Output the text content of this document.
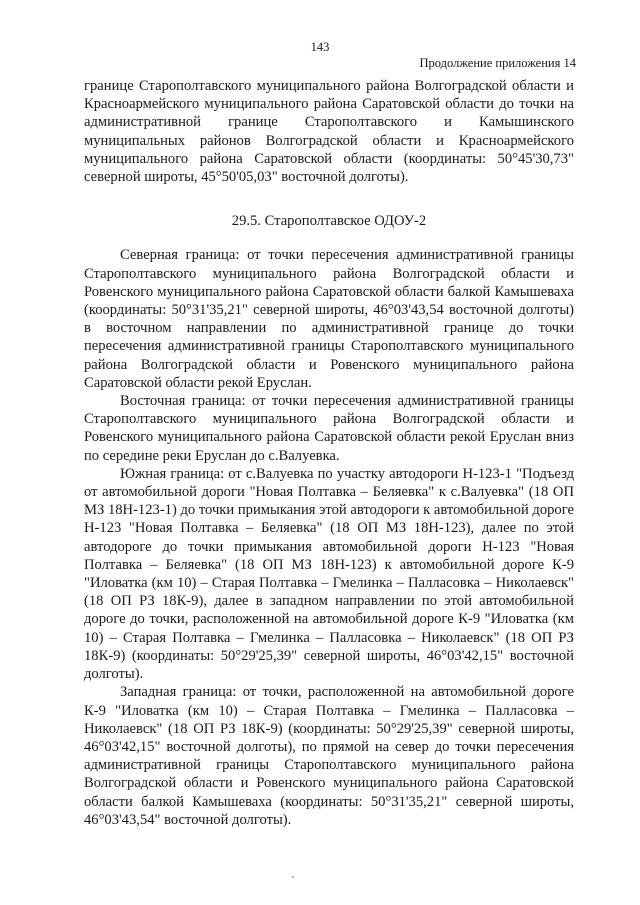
143
Продолжение приложения 14

границе Старополтавского муниципального района Волгоградской области и Красноармейского муниципального района Саратовской области до точки на административной границе Старополтавского и Камышинского муниципальных районов Волгоградской области и Красноармейского муниципального района Саратовской области (координаты: 50°45'30,73" северной широты, 45°50'05,03" восточной долготы).

29.5. Старополтавское ОДОУ-2

Северная граница: от точки пересечения административной границы Старополтавского муниципального района Волгоградской области и Ровенского муниципального района Саратовской области балкой Камышеваха (координаты: 50°31'35,21" северной широты, 46°03'43,54 восточной долготы) в восточном направлении по административной границе до точки пересечения административной границы Старополтавского муниципального района Волгоградской области и Ровенского муниципального района Саратовской области рекой Еруслан.

Восточная граница: от точки пересечения административной границы Старополтавского муниципального района Волгоградской области и Ровенского муниципального района Саратовской области рекой Еруслан вниз по середине реки Еруслан до с.Валуевка.

Южная граница: от с.Валуевка по участку автодороги Н-123-1 "Подъезд от автомобильной дороги "Новая Полтавка – Беляевка" к с.Валуевка" (18 ОП МЗ 18Н-123-1) до точки примыкания этой автодороги к автомобильной дороге Н-123 "Новая Полтавка – Беляевка" (18 ОП МЗ 18Н-123), далее по этой автодороге до точки примыкания автомобильной дороги Н-123 "Новая Полтавка – Беляевка" (18 ОП МЗ 18Н-123) к автомобильной дороге К-9 "Иловатка (км 10) – Старая Полтавка – Гмелинка – Палласовка – Николаевск" (18 ОП РЗ 18К-9), далее в западном направлении по этой автомобильной дороге до точки, расположенной на автомобильной дороге К-9 "Иловатка (км 10) – Старая Полтавка – Гмелинка – Палласовка – Николаевск" (18 ОП РЗ 18К-9) (координаты: 50°29'25,39" северной широты, 46°03'42,15" восточной долготы).

Западная граница: от точки, расположенной на автомобильной дороге К-9 "Иловатка (км 10) – Старая Полтавка – Гмелинка – Палласовка – Николаевск" (18 ОП РЗ 18К-9) (координаты: 50°29'25,39" северной широты, 46°03'42,15" восточной долготы), по прямой на север до точки пересечения административной границы Старополтавского муниципального района Волгоградской области и Ровенского муниципального района Саратовской области балкой Камышеваха (координаты: 50°31'35,21" северной широты, 46°03'43,54" восточной долготы).
